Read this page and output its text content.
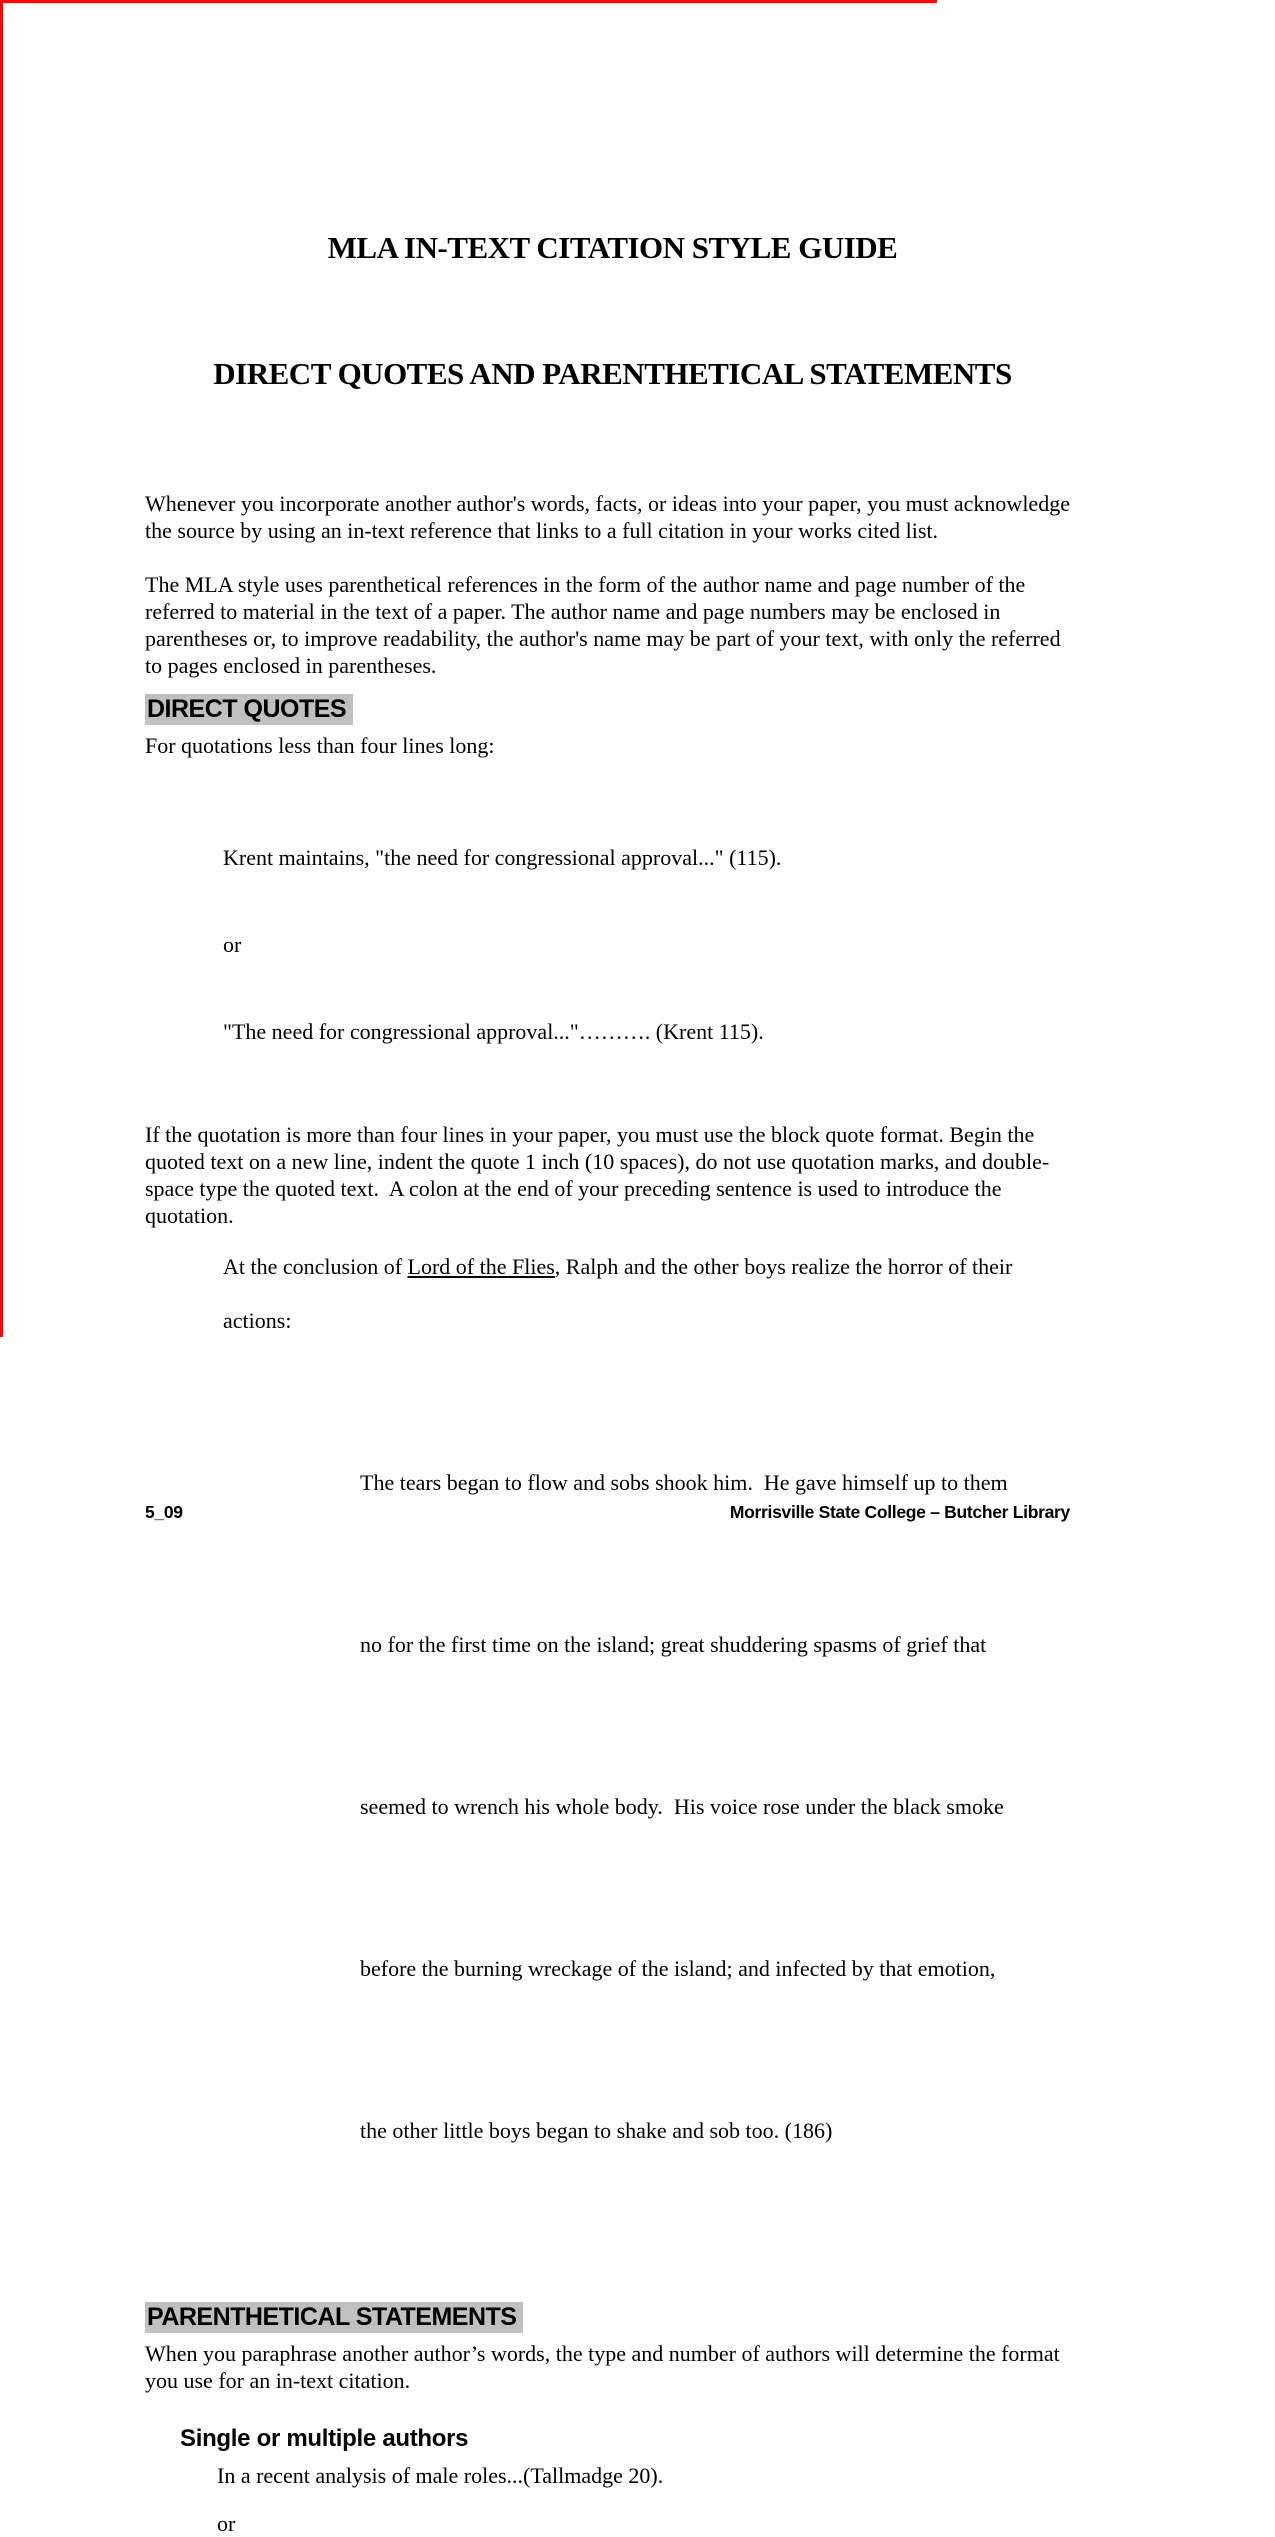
MLA IN-TEXT CITATION STYLE GUIDE

DIRECT QUOTES AND PARENTHETICAL STATEMENTS

Whenever you incorporate another author's words, facts, or ideas into your paper, you must acknowledge the source by using an in-text reference that links to a full citation in your works cited list.
The MLA style uses parenthetical references in the form of the author name and page number of the referred to material in the text of a paper. The author name and page numbers may be enclosed in parentheses or, to improve readability, the author's name may be part of your text, with only the referred to pages enclosed in parentheses.
DIRECT QUOTES
For quotations less than four lines long:

Krent maintains, "the need for congressional approval..." (115).

or

"The need for congressional approval..."………. (Krent 115).

If the quotation is more than four lines in your paper, you must use the block quote format. Begin the quoted text on a new line, indent the quote 1 inch (10 spaces), do not use quotation marks, and double-space type the quoted text.  A colon at the end of your preceding sentence is used to introduce the quotation.
At the conclusion of Lord of the Flies, Ralph and the other boys realize the horror of their
actions:

The tears began to flow and sobs shook him.  He gave himself up to them

no for the first time on the island; great shuddering spasms of grief that

seemed to wrench his whole body.  His voice rose under the black smoke

before the burning wreckage of the island; and infected by that emotion,

the other little boys began to shake and sob too. (186)

PARENTHETICAL STATEMENTS
When you paraphrase another author’s words, the type and number of authors will determine the format you use for an in-text citation.
Single or multiple authors
In a recent analysis of male roles...(Tallmadge 20).
or
5_09	Morrisville State College – Butcher Library
